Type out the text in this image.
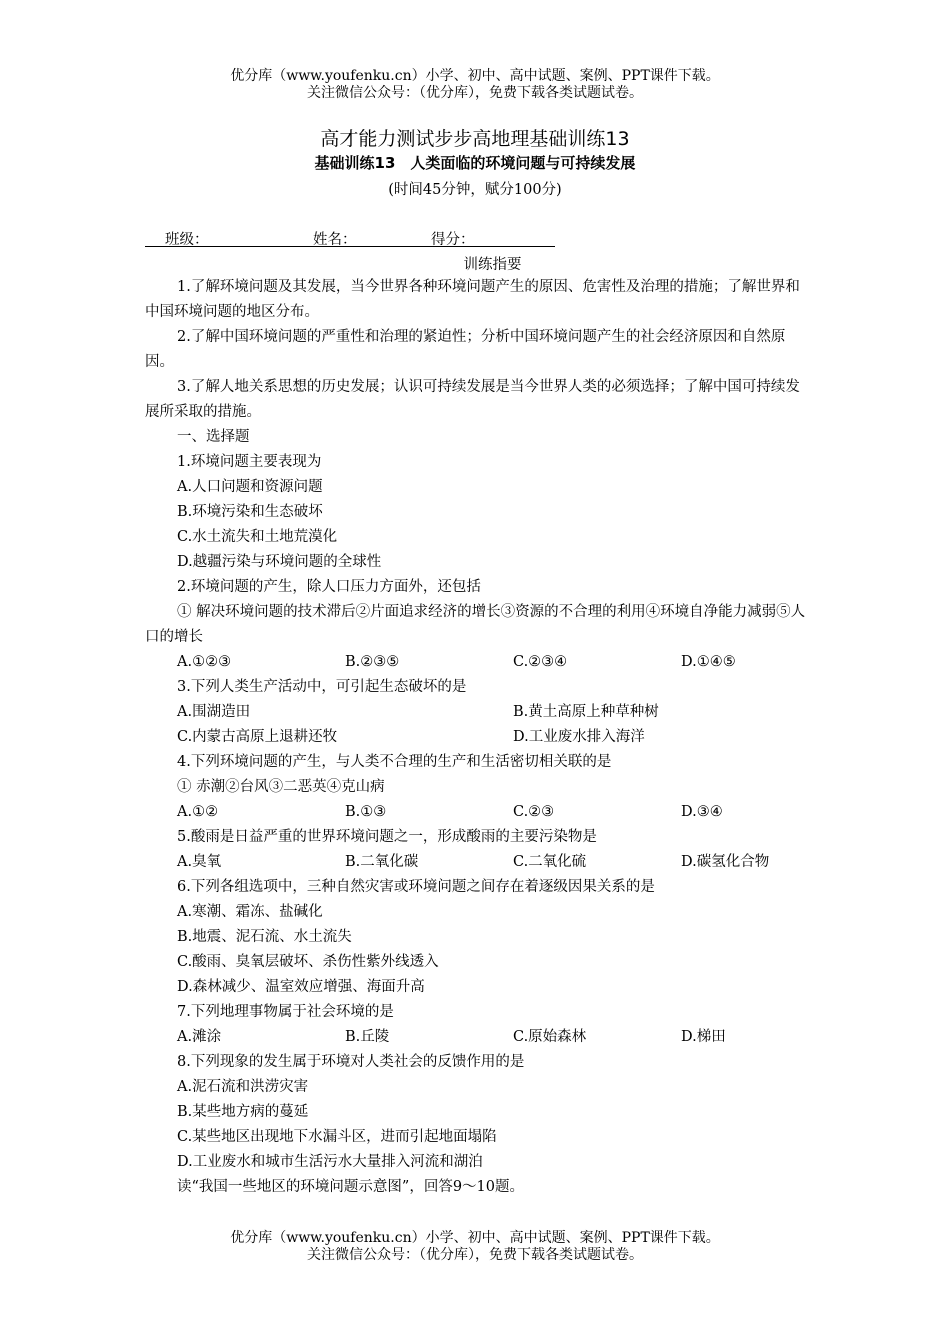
优分库（www.youfenku.cn）小学、初中、高中试题、案例、PPT课件下载。
关注微信公众号：（优分库），免费下载各类试题试卷。
高才能力测试步步高地理基础训练13
基础训练13　人类面临的环境问题与可持续发展
(时间45分钟，赋分100分)
班级：	姓名：	得分：
训练指要

1.了解环境问题及其发展，当今世界各种环境问题产生的原因、危害性及治理的措施；了解世界和中国环境问题的地区分布。

2.了解中国环境问题的严重性和治理的紧迫性；分析中国环境问题产生的社会经济原因和自然原因。

3.了解人地关系思想的历史发展；认识可持续发展是当今世界人类的必须选择；了解中国可持续发展所采取的措施。

一、选择题

1.环境问题主要表现为

A.人口问题和资源问题

B.环境污染和生态破坏

C.水土流失和土地荒漠化

D.越疆污染与环境问题的全球性

2.环境问题的产生，除人口压力方面外，还包括

① 解决环境问题的技术滞后②片面追求经济的增长③资源的不合理的利用④环境自净能力减弱⑤人口的增长

A.①②③	B.②③⑤	C.②③④	D.①④⑤

3.下列人类生产活动中，可引起生态破坏的是

A.围湖造田	B.黄土高原上种草种树
C.内蒙古高原上退耕还牧	D.工业废水排入海洋

4.下列环境问题的产生，与人类不合理的生产和生活密切相关联的是

① 赤潮②台风③二恶英④克山病

A.①②	B.①③	C.②③	D.③④

5.酸雨是日益严重的世界环境问题之一，形成酸雨的主要污染物是

A.臭氧	B.二氧化碳	C.二氧化硫	D.碳氢化合物

6.下列各组选项中，三种自然灾害或环境问题之间存在着逐级因果关系的是

A.寒潮、霜冻、盐碱化

B.地震、泥石流、水土流失

C.酸雨、臭氧层破坏、杀伤性紫外线透入

D.森林减少、温室效应增强、海面升高

7.下列地理事物属于社会环境的是

A.滩涂	B.丘陵	C.原始森林	D.梯田

8.下列现象的发生属于环境对人类社会的反馈作用的是

A.泥石流和洪涝灾害

B.某些地方病的蔓延

C.某些地区出现地下水漏斗区，进而引起地面塌陷

D.工业废水和城市生活污水大量排入河流和湖泊

读“我国一些地区的环境问题示意图”，回答9～10题。

优分库（www.youfenku.cn）小学、初中、高中试题、案例、PPT课件下载。
关注微信公众号：（优分库），免费下载各类试题试卷。
